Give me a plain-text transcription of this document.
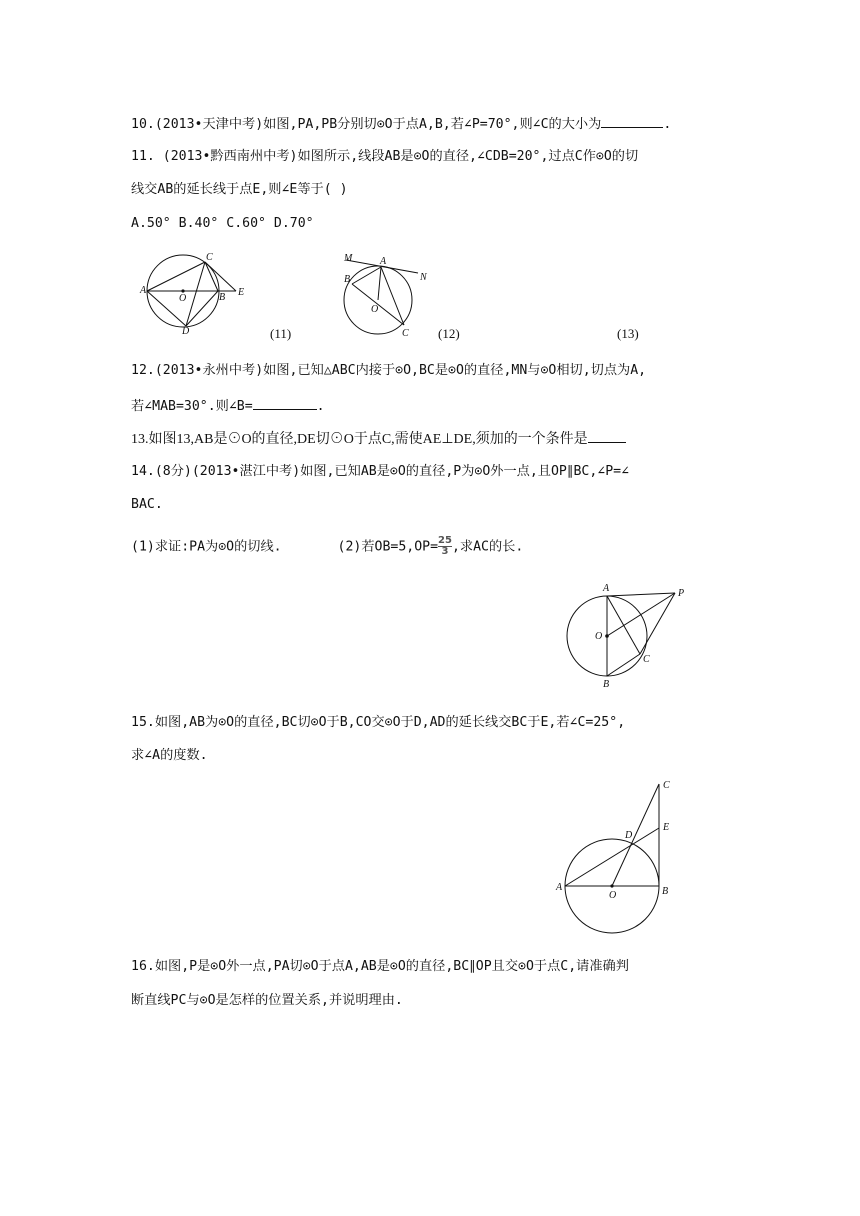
10.(2013•天津中考)如图,PA,PB分别切⊙O于点A,B,若∠P=70°,则∠C的大小为	.
11. (2013•黔西南州中考)如图所示,线段AB是⊙O的直径,∠CDB=20°,过点C作⊙O的切
线交AB的延长线于点E,则∠E等于( )
A.50° B.40° C.60° D.70°
A
O
C
B E
D	(11)
M	A
N
B
O
C (12)	(13)
12.(2013•永州中考)如图,已知△ABC内接于⊙O,BC是⊙O的直径,MN与⊙O相切,切点为A,
若∠MAB=30°.则∠B=	.
13.如图13,AB是⊙O的直径,DE切⊙O于点C,需使AE⊥DE,须加的一个条件是
14.(8分)(2013•湛江中考)如图,已知AB是⊙O的直径,P为⊙O外一点,且OP∥BC,∠P=∠
BAC.
(1)求证:PA为⊙O的切线.	(2)若$OB=5,OP= \frac{25}{3}$ ,求AC的长.
A	P
O
C
B
15.如图,AB为⊙O的直径,BC切⊙O于B,CO交⊙O于D,AD的延长线交BC于E,若∠C=25°,
求∠A的度数.
C
E
D
A
O	B
16.如图,P是⊙O外一点,PA切⊙O于点A,AB是⊙O的直径,BC∥OP且交⊙O于点C,请准确判
断直线PC与⊙O是怎样的位置关系,并说明理由.
